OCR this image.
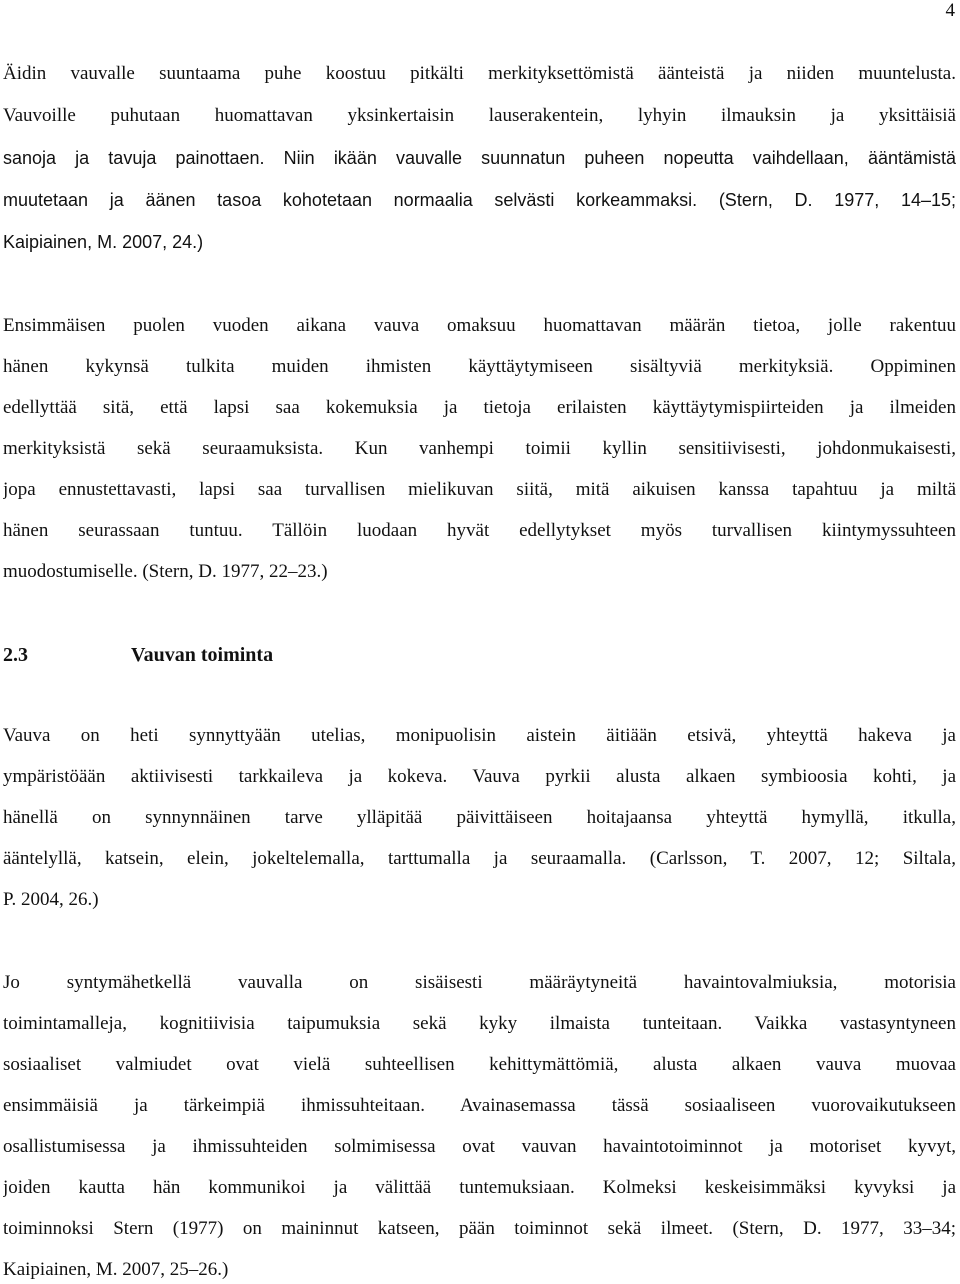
4
Äidin vauvalle suuntaama puhe koostuu pitkälti merkityksettömistä äänteistä ja niiden muuntelusta.
Vauvoille puhutaan huomattavan yksinkertaisin lauserakentein, lyhyin ilmauksin ja yksittäisiä
sanoja ja tavuja painottaen. Niin ikään vauvalle suunnatun puheen nopeutta vaihdellaan, ääntämistä
muutetaan ja äänen tasoa kohotetaan normaalia selvästi korkeammaksi. (Stern, D. 1977, 14–15;
Kaipiainen, M. 2007, 24.)
Ensimmäisen puolen vuoden aikana vauva omaksuu huomattavan määrän tietoa, jolle rakentuu
hänen kykynsä tulkita muiden ihmisten käyttäytymiseen sisältyviä merkityksiä. Oppiminen
edellyttää sitä, että lapsi saa kokemuksia ja tietoja erilaisten käyttäytymispiirteiden ja ilmeiden
merkityksistä sekä seuraamuksista. Kun vanhempi toimii kyllin sensitiivisesti, johdonmukaisesti,
jopa ennustettavasti, lapsi saa turvallisen mielikuvan siitä, mitä aikuisen kanssa tapahtuu ja miltä
hänen seurassaan tuntuu. Tällöin luodaan hyvät edellytykset myös turvallisen kiintymyssuhteen
muodostumiselle. (Stern, D. 1977, 22–23.)
2.3	Vauvan toiminta
Vauva on heti synnyttyään utelias, monipuolisin aistein äitiään etsivä, yhteyttä hakeva ja
ympäristöään aktiivisesti tarkkaileva ja kokeva. Vauva pyrkii alusta alkaen symbioosia kohti, ja
hänellä on synnynnäinen tarve ylläpitää päivittäiseen hoitajaansa yhteyttä hymyllä, itkulla,
ääntelyllä, katsein, elein, jokeltelemalla, tarttumalla ja seuraamalla. (Carlsson, T. 2007, 12; Siltala,
P. 2004, 26.)
Jo syntymähetkellä vauvalla on sisäisesti määräytyneitä havaintovalmiuksia, motorisia
toimintamalleja, kognitiivisia taipumuksia sekä kyky ilmaista tunteitaan. Vaikka vastasyntyneen
sosiaaliset valmiudet ovat vielä suhteellisen kehittymättömiä, alusta alkaen vauva muovaa
ensimmäisiä ja tärkeimpiä ihmissuhteitaan. Avainasemassa tässä sosiaaliseen vuorovaikutukseen
osallistumisessa ja ihmissuhteiden solmimisessa ovat vauvan havaintotoiminnot ja motoriset kyvyt,
joiden kautta hän kommunikoi ja välittää tuntemuksiaan. Kolmeksi keskeisimmäksi kyvyksi ja
toiminnoksi Stern (1977) on maininnut katseen, pään toiminnot sekä ilmeet. (Stern, D. 1977, 33–34;
Kaipiainen, M. 2007, 25–26.)
